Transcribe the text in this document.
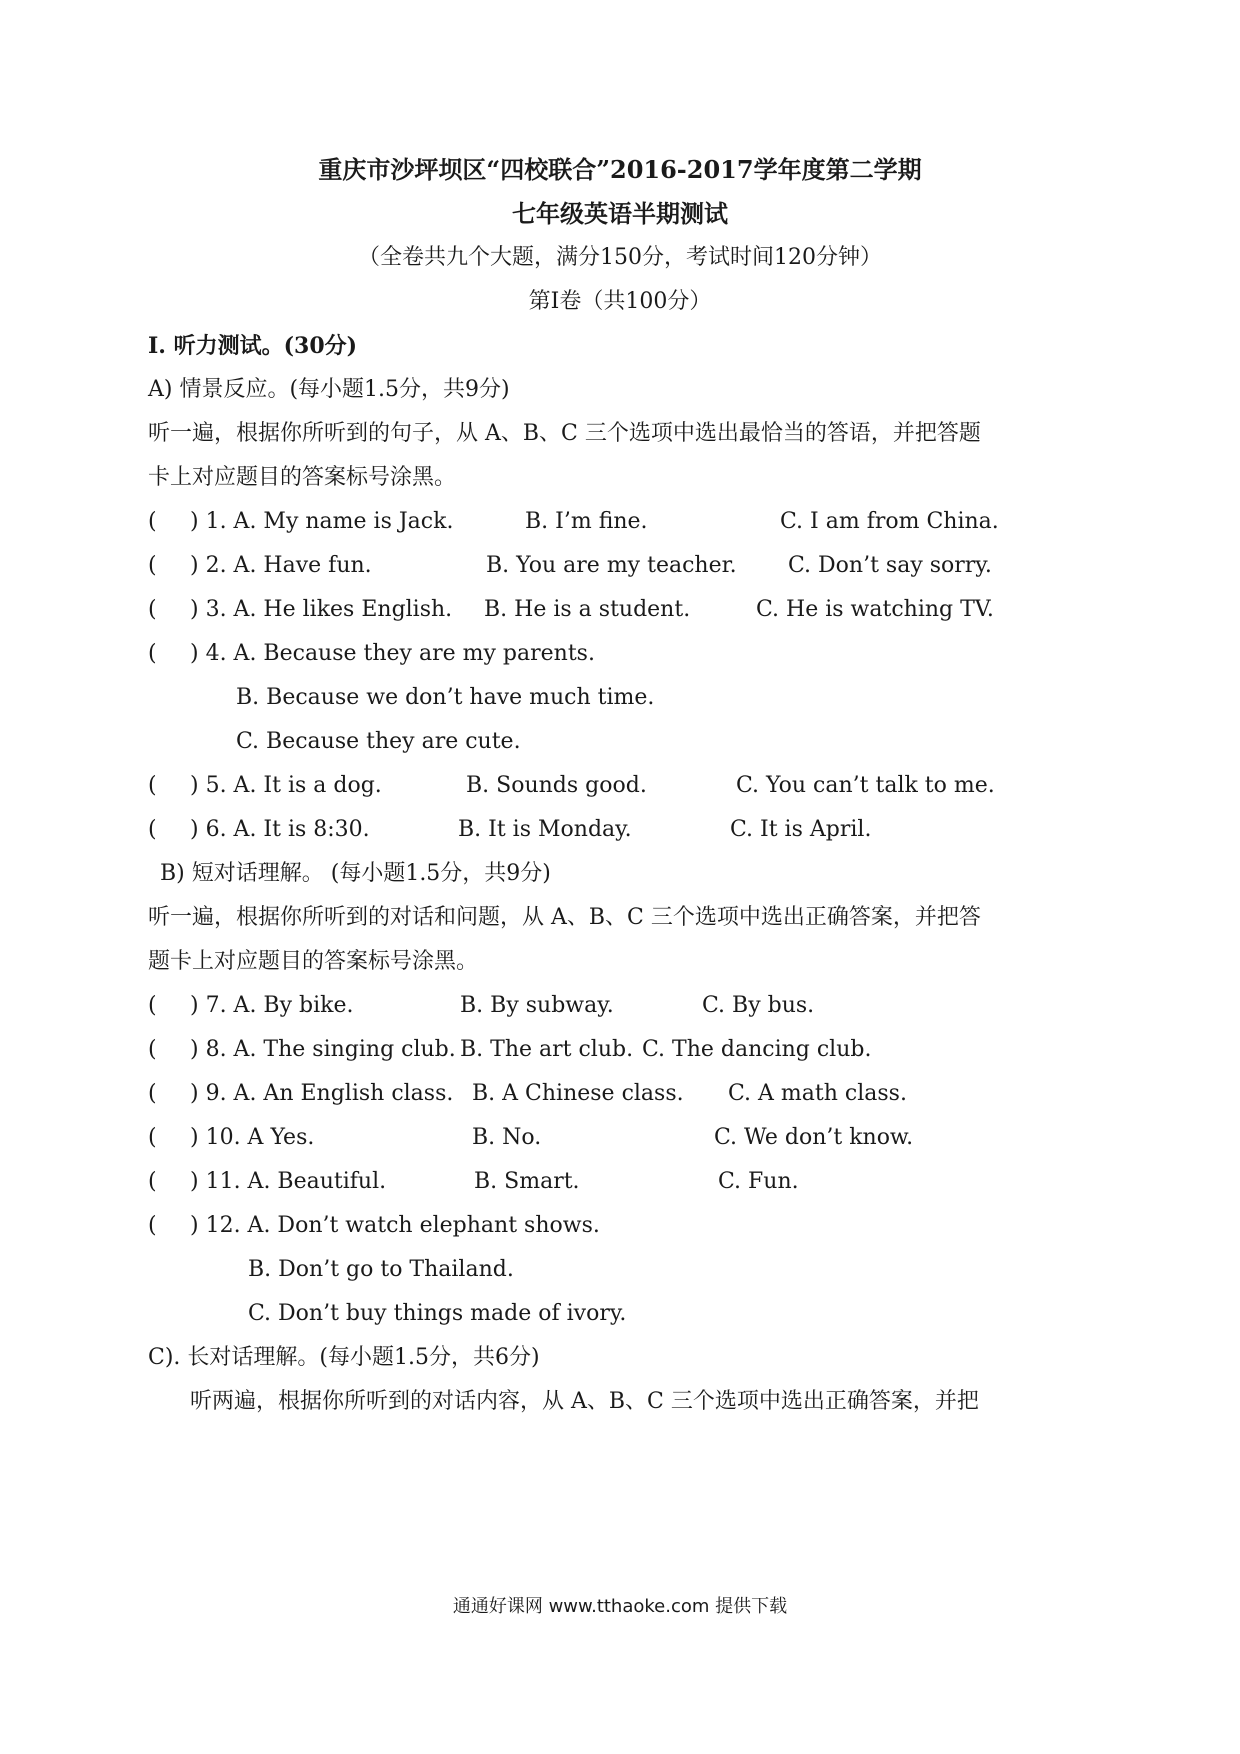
重庆市沙坪坝区“四校联合”2016-2017学年度第二学期
七年级英语半期测试
（全卷共九个大题，满分150分，考试时间120分钟）
第I卷（共100分）
I. 听力测试。(30分)
A) 情景反应。(每小题1.5分，共9分)
听一遍，根据你所听到的句子，从 A、B、C 三个选项中选出最恰当的答语，并把答题
卡上对应题目的答案标号涂黑。
( ) 1. A. My name is Jack.	B. I’m fine.	C. I am from China.
( ) 2. A. Have fun.	B. You are my teacher. C. Don’t say sorry.
( ) 3. A. He likes English. B. He is a student.	C. He is watching TV.
( ) 4. A. Because they are my parents.
B. Because we don’t have much time.
C. Because they are cute.
( ) 5. A. It is a dog.	B. Sounds good.	C. You can’t talk to me.
( ) 6. A. It is 8:30.	B. It is Monday.	C. It is April.
B) 短对话理解。 (每小题1.5分，共9分)
听一遍，根据你所听到的对话和问题，从 A、B、C 三个选项中选出正确答案，并把答
题卡上对应题目的答案标号涂黑。
( ) 7. A. By bike.	B. By subway.	C. By bus.
( ) 8. A. The singing club. B. The art club. C. The dancing club.
( ) 9. A. An English class. B. A Chinese class. C. A math class.
( ) 10. A Yes.	B. No.	C. We don’t know.
( ) 11. A. Beautiful.	B. Smart.	C. Fun.
( ) 12. A. Don’t watch elephant shows.
B. Don’t go to Thailand.
C. Don’t buy things made of ivory.
C). 长对话理解。(每小题1.5分，共6分)
听两遍，根据你所听到的对话内容，从 A、B、C 三个选项中选出正确答案，并把
通通好课网 www.tthaoke.com 提供下载
